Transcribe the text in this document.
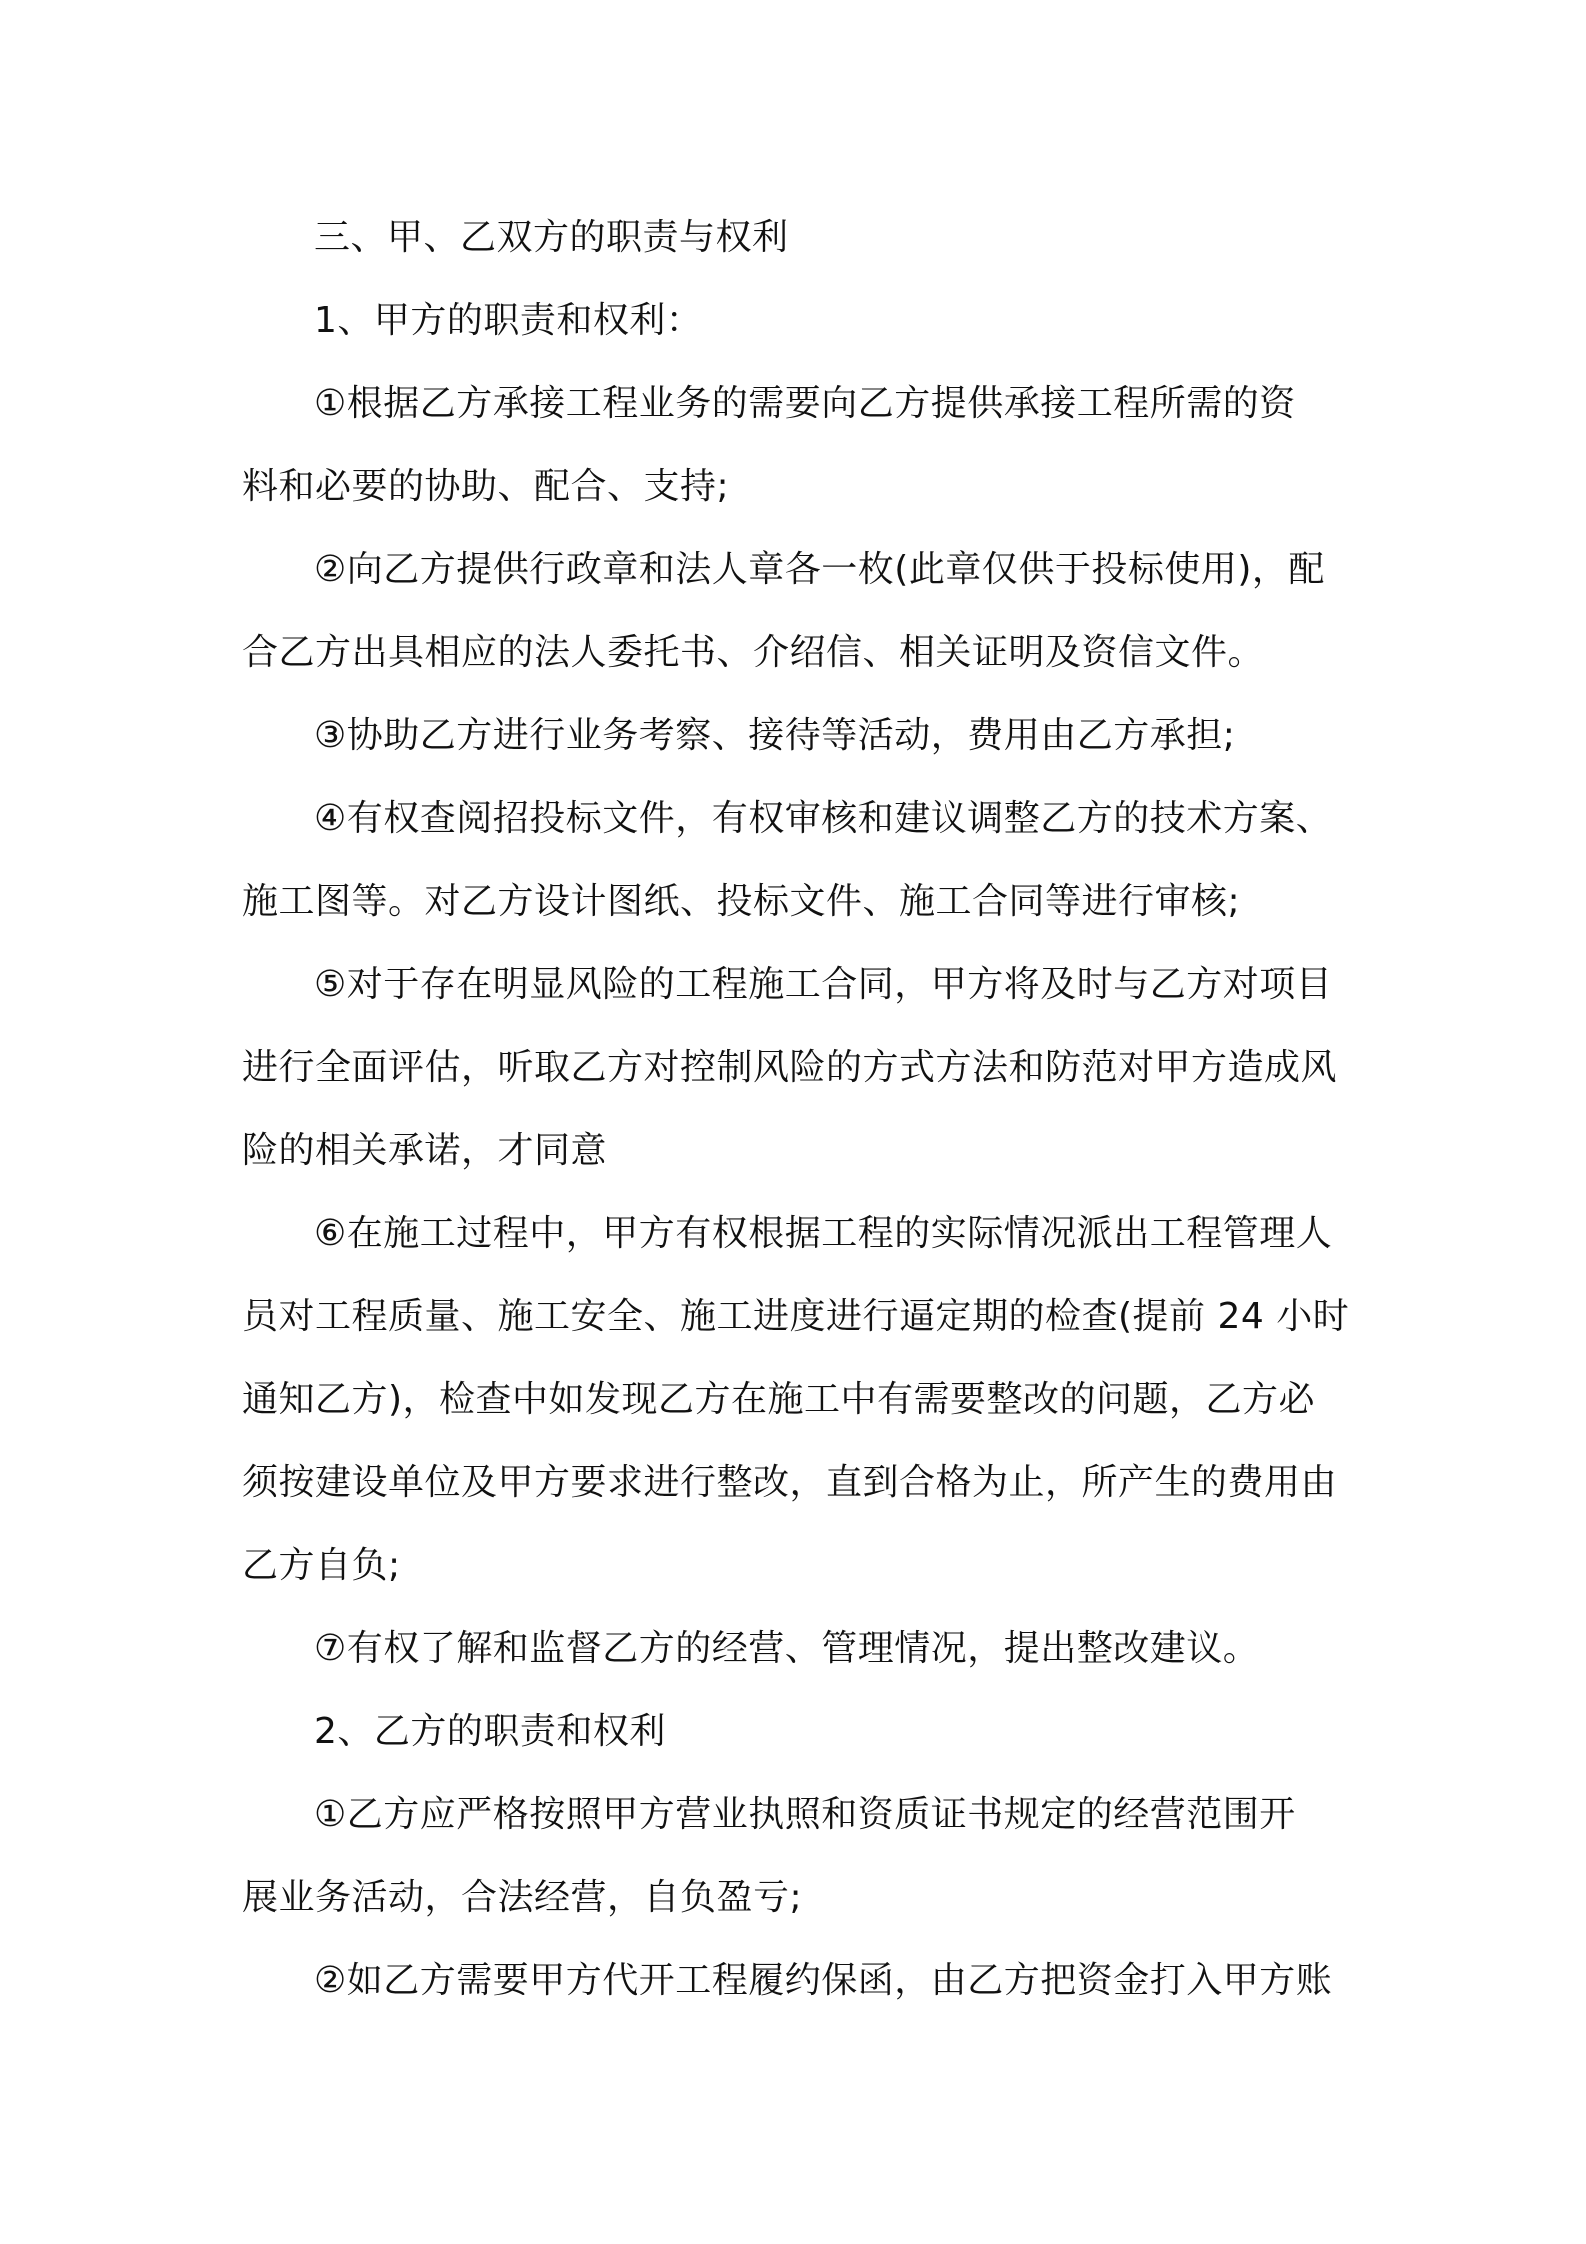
三、甲、乙双方的职责与权利
1、甲方的职责和权利：
①根据乙方承接工程业务的需要向乙方提供承接工程所需的资
料和必要的协助、配合、支持;
②向乙方提供行政章和法人章各一枚(此章仅供于投标使用)，配
合乙方出具相应的法人委托书、介绍信、相关证明及资信文件。
③协助乙方进行业务考察、接待等活动，费用由乙方承担;
④有权查阅招投标文件，有权审核和建议调整乙方的技术方案、
施工图等。对乙方设计图纸、投标文件、施工合同等进行审核;
⑤对于存在明显风险的工程施工合同，甲方将及时与乙方对项目
进行全面评估，听取乙方对控制风险的方式方法和防范对甲方造成风
险的相关承诺，才同意
⑥在施工过程中，甲方有权根据工程的实际情况派出工程管理人
员对工程质量、施工安全、施工进度进行逼定期的检查(提前 24 小时
通知乙方)，检查中如发现乙方在施工中有需要整改的问题，乙方必
须按建设单位及甲方要求进行整改，直到合格为止，所产生的费用由
乙方自负;
⑦有权了解和监督乙方的经营、管理情况，提出整改建议。
2、乙方的职责和权利
①乙方应严格按照甲方营业执照和资质证书规定的经营范围开
展业务活动，合法经营，自负盈亏;
②如乙方需要甲方代开工程履约保函，由乙方把资金打入甲方账
